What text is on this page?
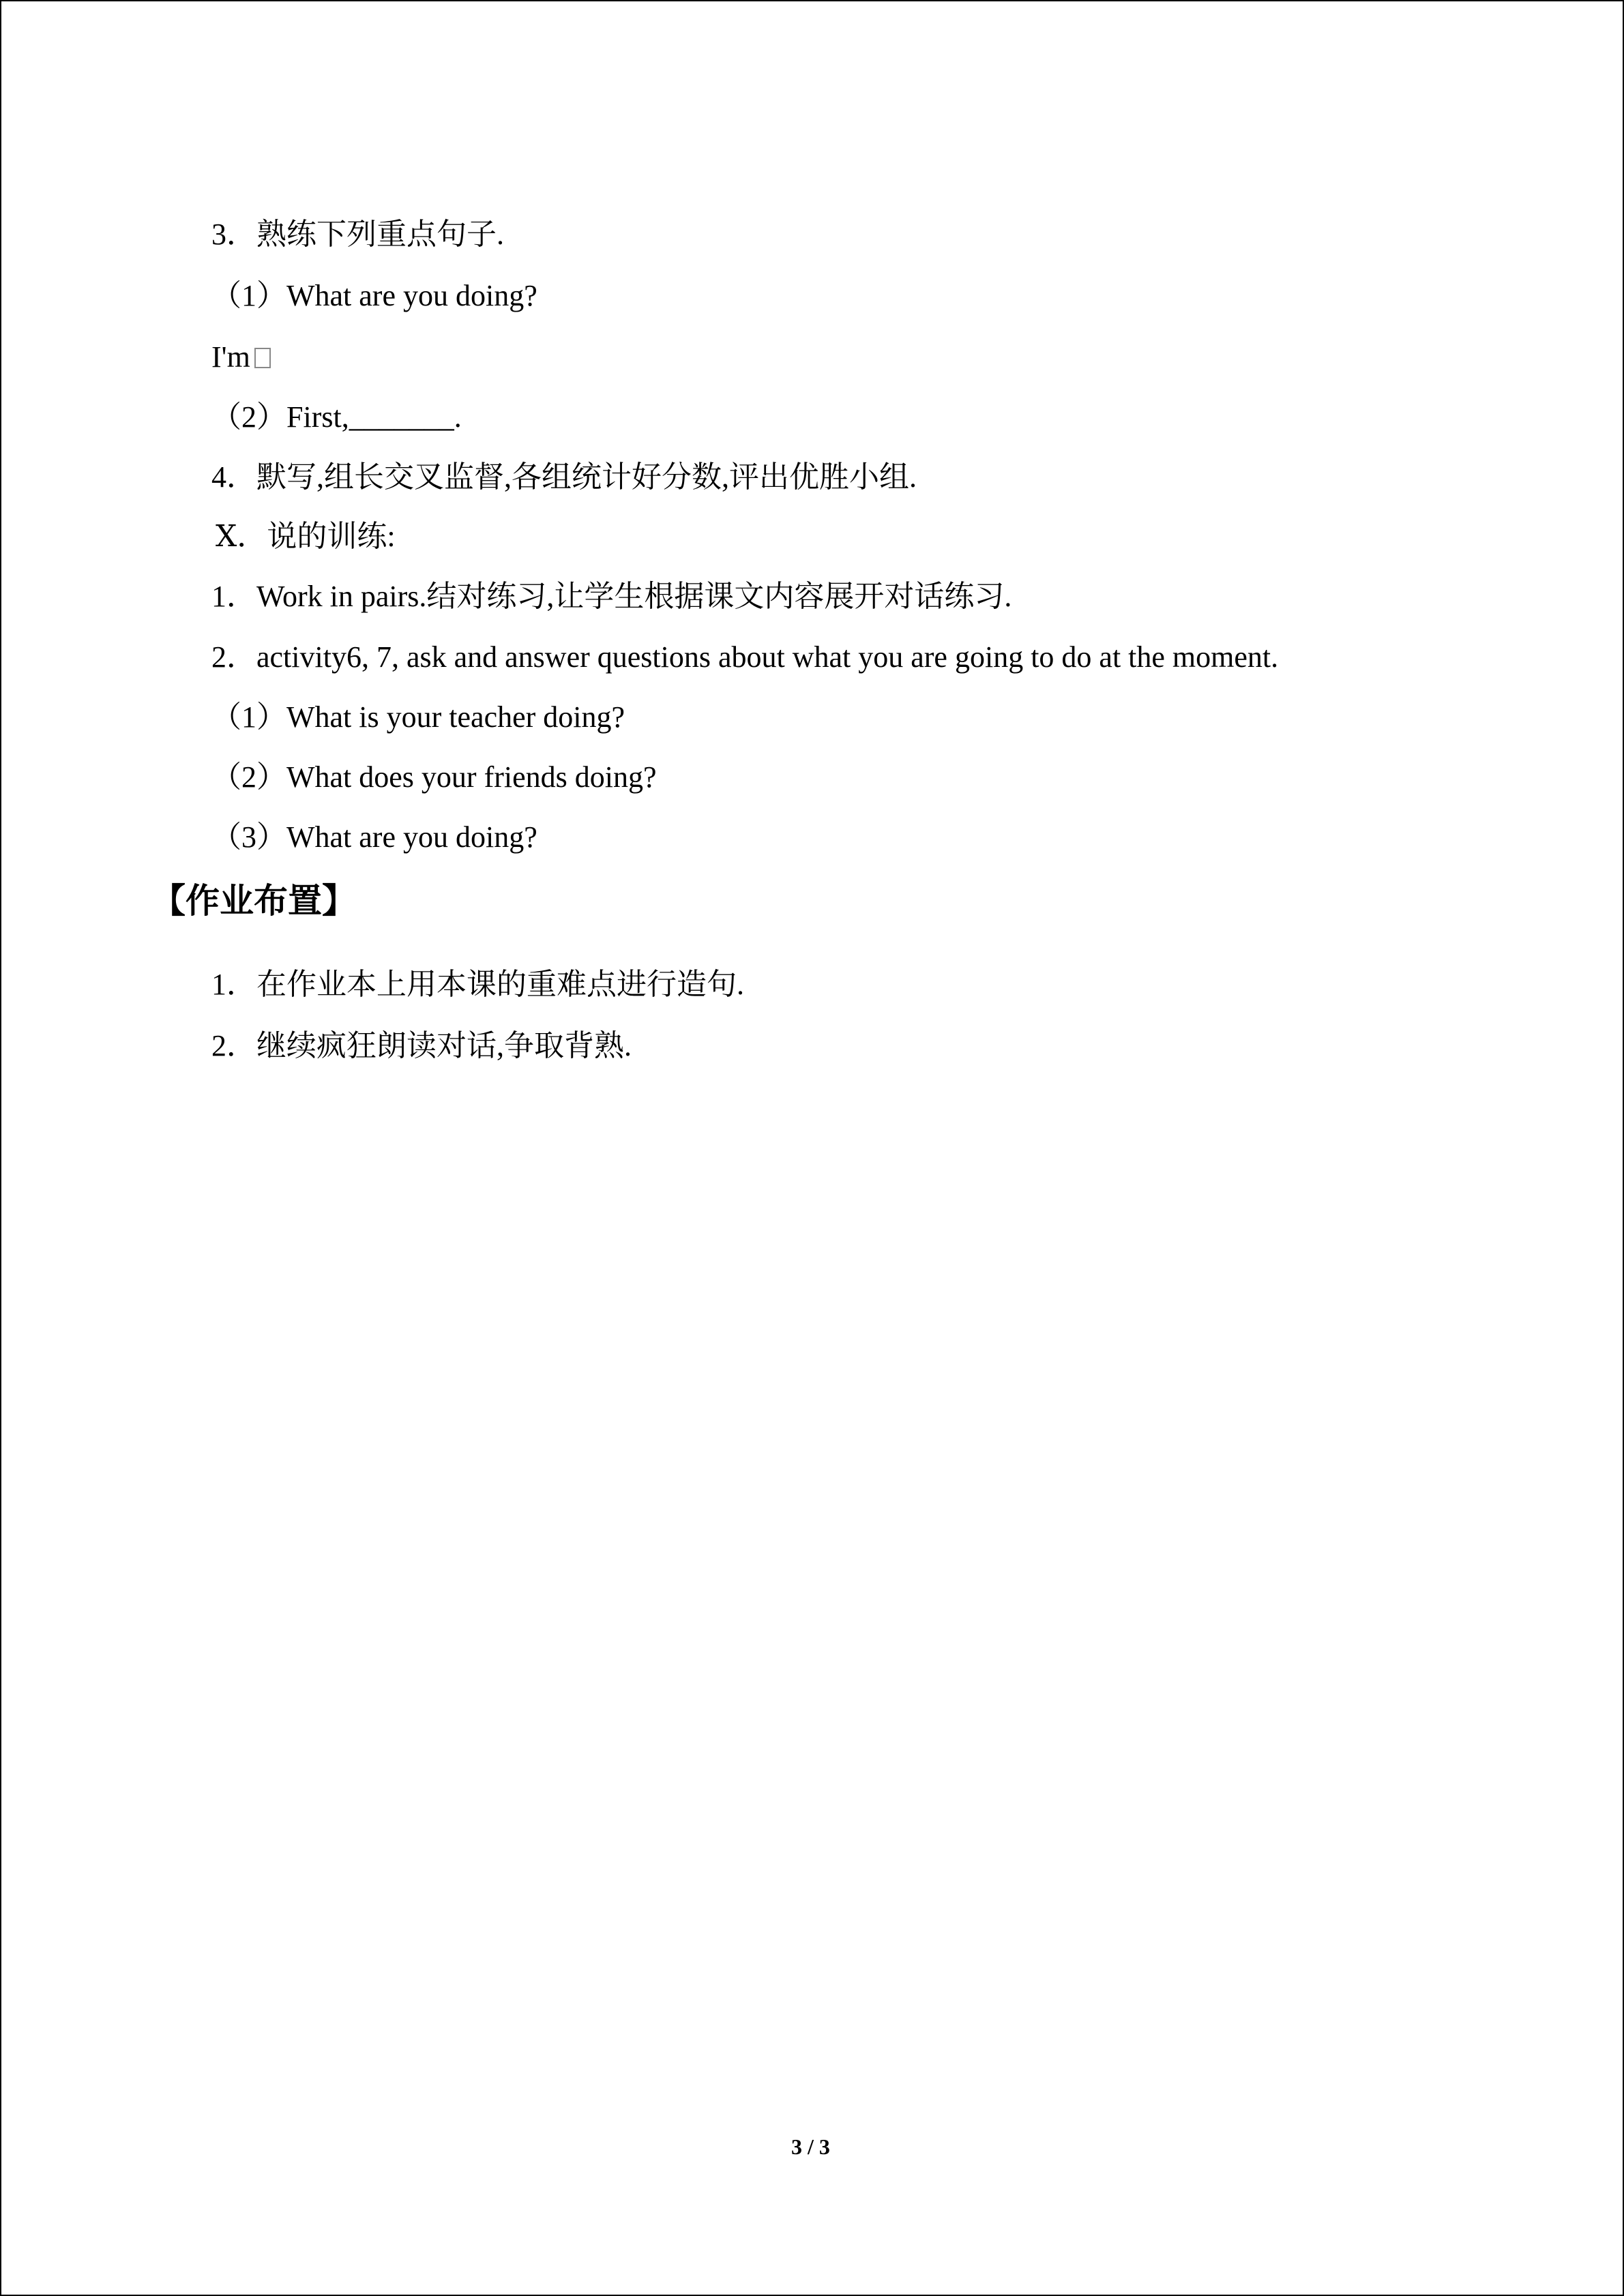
3．熟练下列重点句子.
（1）What are you doing?
I'm
（2）First,_______.
4．默写,组长交叉监督,各组统计好分数,评出优胜小组.
Ⅹ．说的训练:
1．Work in pairs.结对练习,让学生根据课文内容展开对话练习.
2．activity6, 7, ask and answer questions about what you are going to do at the moment.
（1）What is your teacher doing?
（2）What does your friends doing?
（3）What are you doing?
【作业布置】
1．在作业本上用本课的重难点进行造句.
2．继续疯狂朗读对话,争取背熟.
3 / 3
